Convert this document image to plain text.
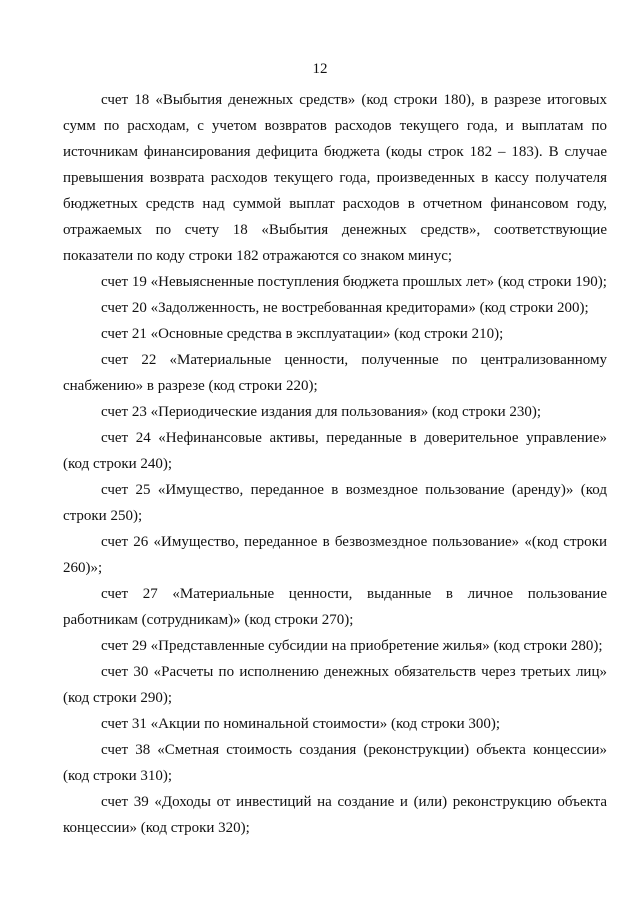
12

счет 18 «Выбытия денежных средств» (код строки 180), в разрезе итоговых сумм по расходам, с учетом возвратов расходов текущего года, и выплатам по источникам финансирования дефицита бюджета (коды строк 182 – 183). В случае превышения возврата расходов текущего года, произведенных в кассу получателя бюджетных средств над суммой выплат расходов в отчетном финансовом году, отражаемых по счету 18 «Выбытия денежных средств», соответствующие показатели по коду строки 182 отражаются со знаком минус;

счет 19 «Невыясненные поступления бюджета прошлых лет» (код строки 190);

счет 20 «Задолженность, не востребованная кредиторами» (код строки 200);

счет 21 «Основные средства в эксплуатации» (код строки 210);

счет 22 «Материальные ценности, полученные по централизованному снабжению» в разрезе (код строки 220);

счет 23 «Периодические издания для пользования» (код строки 230);

счет 24 «Нефинансовые активы, переданные в доверительное управление» (код строки 240);

счет 25 «Имущество, переданное в возмездное пользование (аренду)» (код строки 250);

счет 26 «Имущество, переданное в безвозмездное пользование» «(код строки 260)»;

счет 27 «Материальные ценности, выданные в личное пользование работникам (сотрудникам)» (код строки 270);

счет 29 «Представленные субсидии на приобретение жилья» (код строки 280);

счет 30 «Расчеты по исполнению денежных обязательств через третьих лиц» (код строки 290);

счет 31 «Акции по номинальной стоимости» (код строки 300);

счет 38 «Сметная стоимость создания (реконструкции) объекта концессии» (код строки 310);

счет 39 «Доходы от инвестиций на создание и (или) реконструкцию объекта концессии» (код строки 320);
